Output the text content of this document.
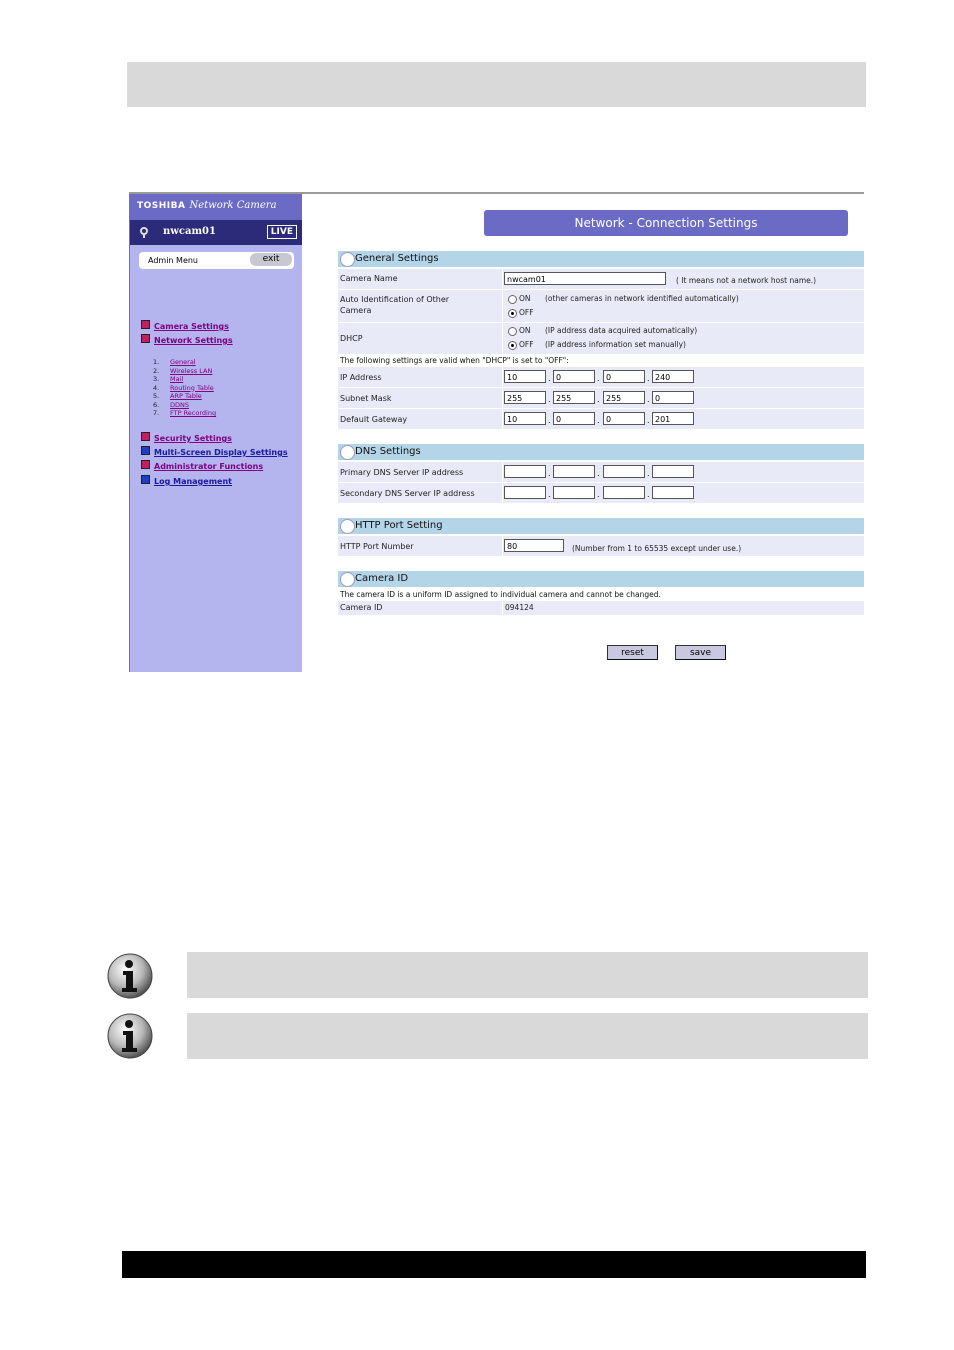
TOSHIBA Network Camera
nwcam01	LIVE
Admin Menu	exit
Camera Settings
Network Settings
1. General
2. Wireless LAN
3. Mail
4. Routing Table
5. ARP Table
6. DDNS
7. FTP Recording
Security Settings
Multi-Screen Display Settings
Administrator Functions
Log Management
Network - Connection Settings
General Settings
Camera Name	nwcam01	( It means not a network host name.)
Auto Identification of Other Camera
ON (other cameras in network identified automatically)
OFF
DHCP
ON (IP address data acquired automatically)
OFF (IP address information set manually)
The following settings are valid when "DHCP" is set to "OFF":
IP Address	10	. 0	. 0	. 240
Subnet Mask	255	. 255	. 255	. 0
Default Gateway	10	. 0	. 0	. 201
DNS Settings
Primary DNS Server IP address	.	.	.
Secondary DNS Server IP address	.	.	.
HTTP Port Setting
HTTP Port Number	80	(Number from 1 to 65535 except under use.)
Camera ID
The camera ID is a uniform ID assigned to individual camera and cannot be changed.
Camera ID	094124
reset	save
